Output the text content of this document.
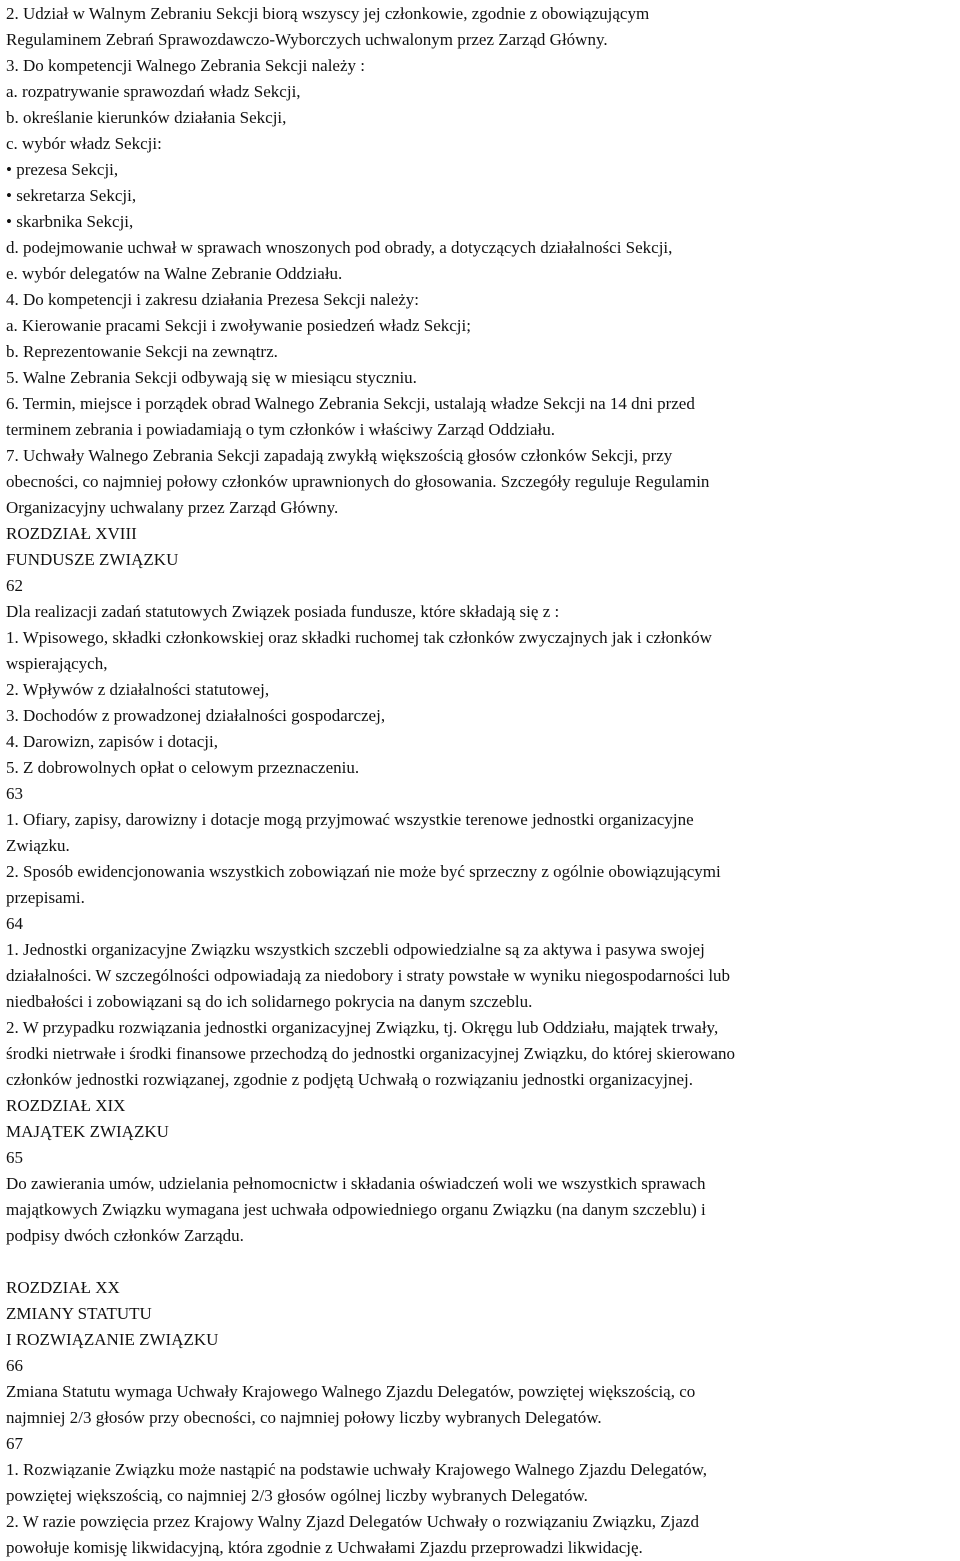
2. Udział w Walnym Zebraniu Sekcji biorą wszyscy jej członkowie, zgodnie z obowiązującym
Regulaminem Zebrań Sprawozdawczo-Wyborczych uchwalonym przez Zarząd Główny.
3. Do kompetencji Walnego Zebrania Sekcji należy :
a. rozpatrywanie sprawozdań władz Sekcji,
b. określanie kierunków działania Sekcji,
c. wybór władz Sekcji:
• prezesa Sekcji,
• sekretarza Sekcji,
• skarbnika Sekcji,
d. podejmowanie uchwał w sprawach wnoszonych pod obrady, a dotyczących działalności Sekcji,
e. wybór delegatów na Walne Zebranie Oddziału.
4. Do kompetencji i zakresu działania Prezesa Sekcji należy:
a. Kierowanie pracami Sekcji i zwoływanie posiedzeń władz Sekcji;
b. Reprezentowanie Sekcji na zewnątrz.
5. Walne Zebrania Sekcji odbywają się w miesiącu styczniu.
6. Termin, miejsce i porządek obrad Walnego Zebrania Sekcji, ustalają władze Sekcji na 14 dni przed
terminem zebrania i powiadamiają o tym członków i właściwy Zarząd Oddziału.
7. Uchwały Walnego Zebrania Sekcji zapadają zwykłą większością głosów członków Sekcji, przy
obecności, co najmniej połowy członków uprawnionych do głosowania. Szczegóły reguluje Regulamin
Organizacyjny uchwalany przez Zarząd Główny.
ROZDZIAŁ XVIII
FUNDUSZE ZWIĄZKU
62
Dla realizacji zadań statutowych Związek posiada fundusze, które składają się z :
1. Wpisowego, składki członkowskiej oraz składki ruchomej tak członków zwyczajnych jak i członków
wspierających,
2. Wpływów z działalności statutowej,
3. Dochodów z prowadzonej działalności gospodarczej,
4. Darowizn, zapisów i dotacji,
5. Z dobrowolnych opłat o celowym przeznaczeniu.
63
1. Ofiary, zapisy, darowizny i dotacje mogą przyjmować wszystkie terenowe jednostki organizacyjne
Związku.
2. Sposób ewidencjonowania wszystkich zobowiązań nie może być sprzeczny z ogólnie obowiązującymi
przepisami.
64
1. Jednostki organizacyjne Związku wszystkich szczebli odpowiedzialne są za aktywa i pasywa swojej
działalności. W szczególności odpowiadają za niedobory i straty powstałe w wyniku niegospodarności lub
niedbałości i zobowiązani są do ich solidarnego pokrycia na danym szczeblu.
2. W przypadku rozwiązania jednostki organizacyjnej Związku, tj. Okręgu lub Oddziału, majątek trwały,
środki nietrwałe i środki finansowe przechodzą do jednostki organizacyjnej Związku, do której skierowano
członków jednostki rozwiązanej, zgodnie z podjętą Uchwałą o rozwiązaniu jednostki organizacyjnej.
ROZDZIAŁ XIX
MAJĄTEK ZWIĄZKU
65
Do zawierania umów, udzielania pełnomocnictw i składania oświadczeń woli we wszystkich sprawach
majątkowych Związku wymagana jest uchwała odpowiedniego organu Związku (na danym szczeblu) i
podpisy dwóch członków Zarządu.
ROZDZIAŁ XX
ZMIANY STATUTU
I ROZWIĄZANIE ZWIĄZKU
66
Zmiana Statutu wymaga Uchwały Krajowego Walnego Zjazdu Delegatów, powziętej większością, co
najmniej 2/3 głosów przy obecności, co najmniej połowy liczby wybranych Delegatów.
67
1. Rozwiązanie Związku może nastąpić na podstawie uchwały Krajowego Walnego Zjazdu Delegatów,
powziętej większością, co najmniej 2/3 głosów ogólnej liczby wybranych Delegatów.
2. W razie powzięcia przez Krajowy Walny Zjazd Delegatów Uchwały o rozwiązaniu Związku, Zjazd
powołuje komisję likwidacyjną, która zgodnie z Uchwałami Zjazdu przeprowadzi likwidację.
